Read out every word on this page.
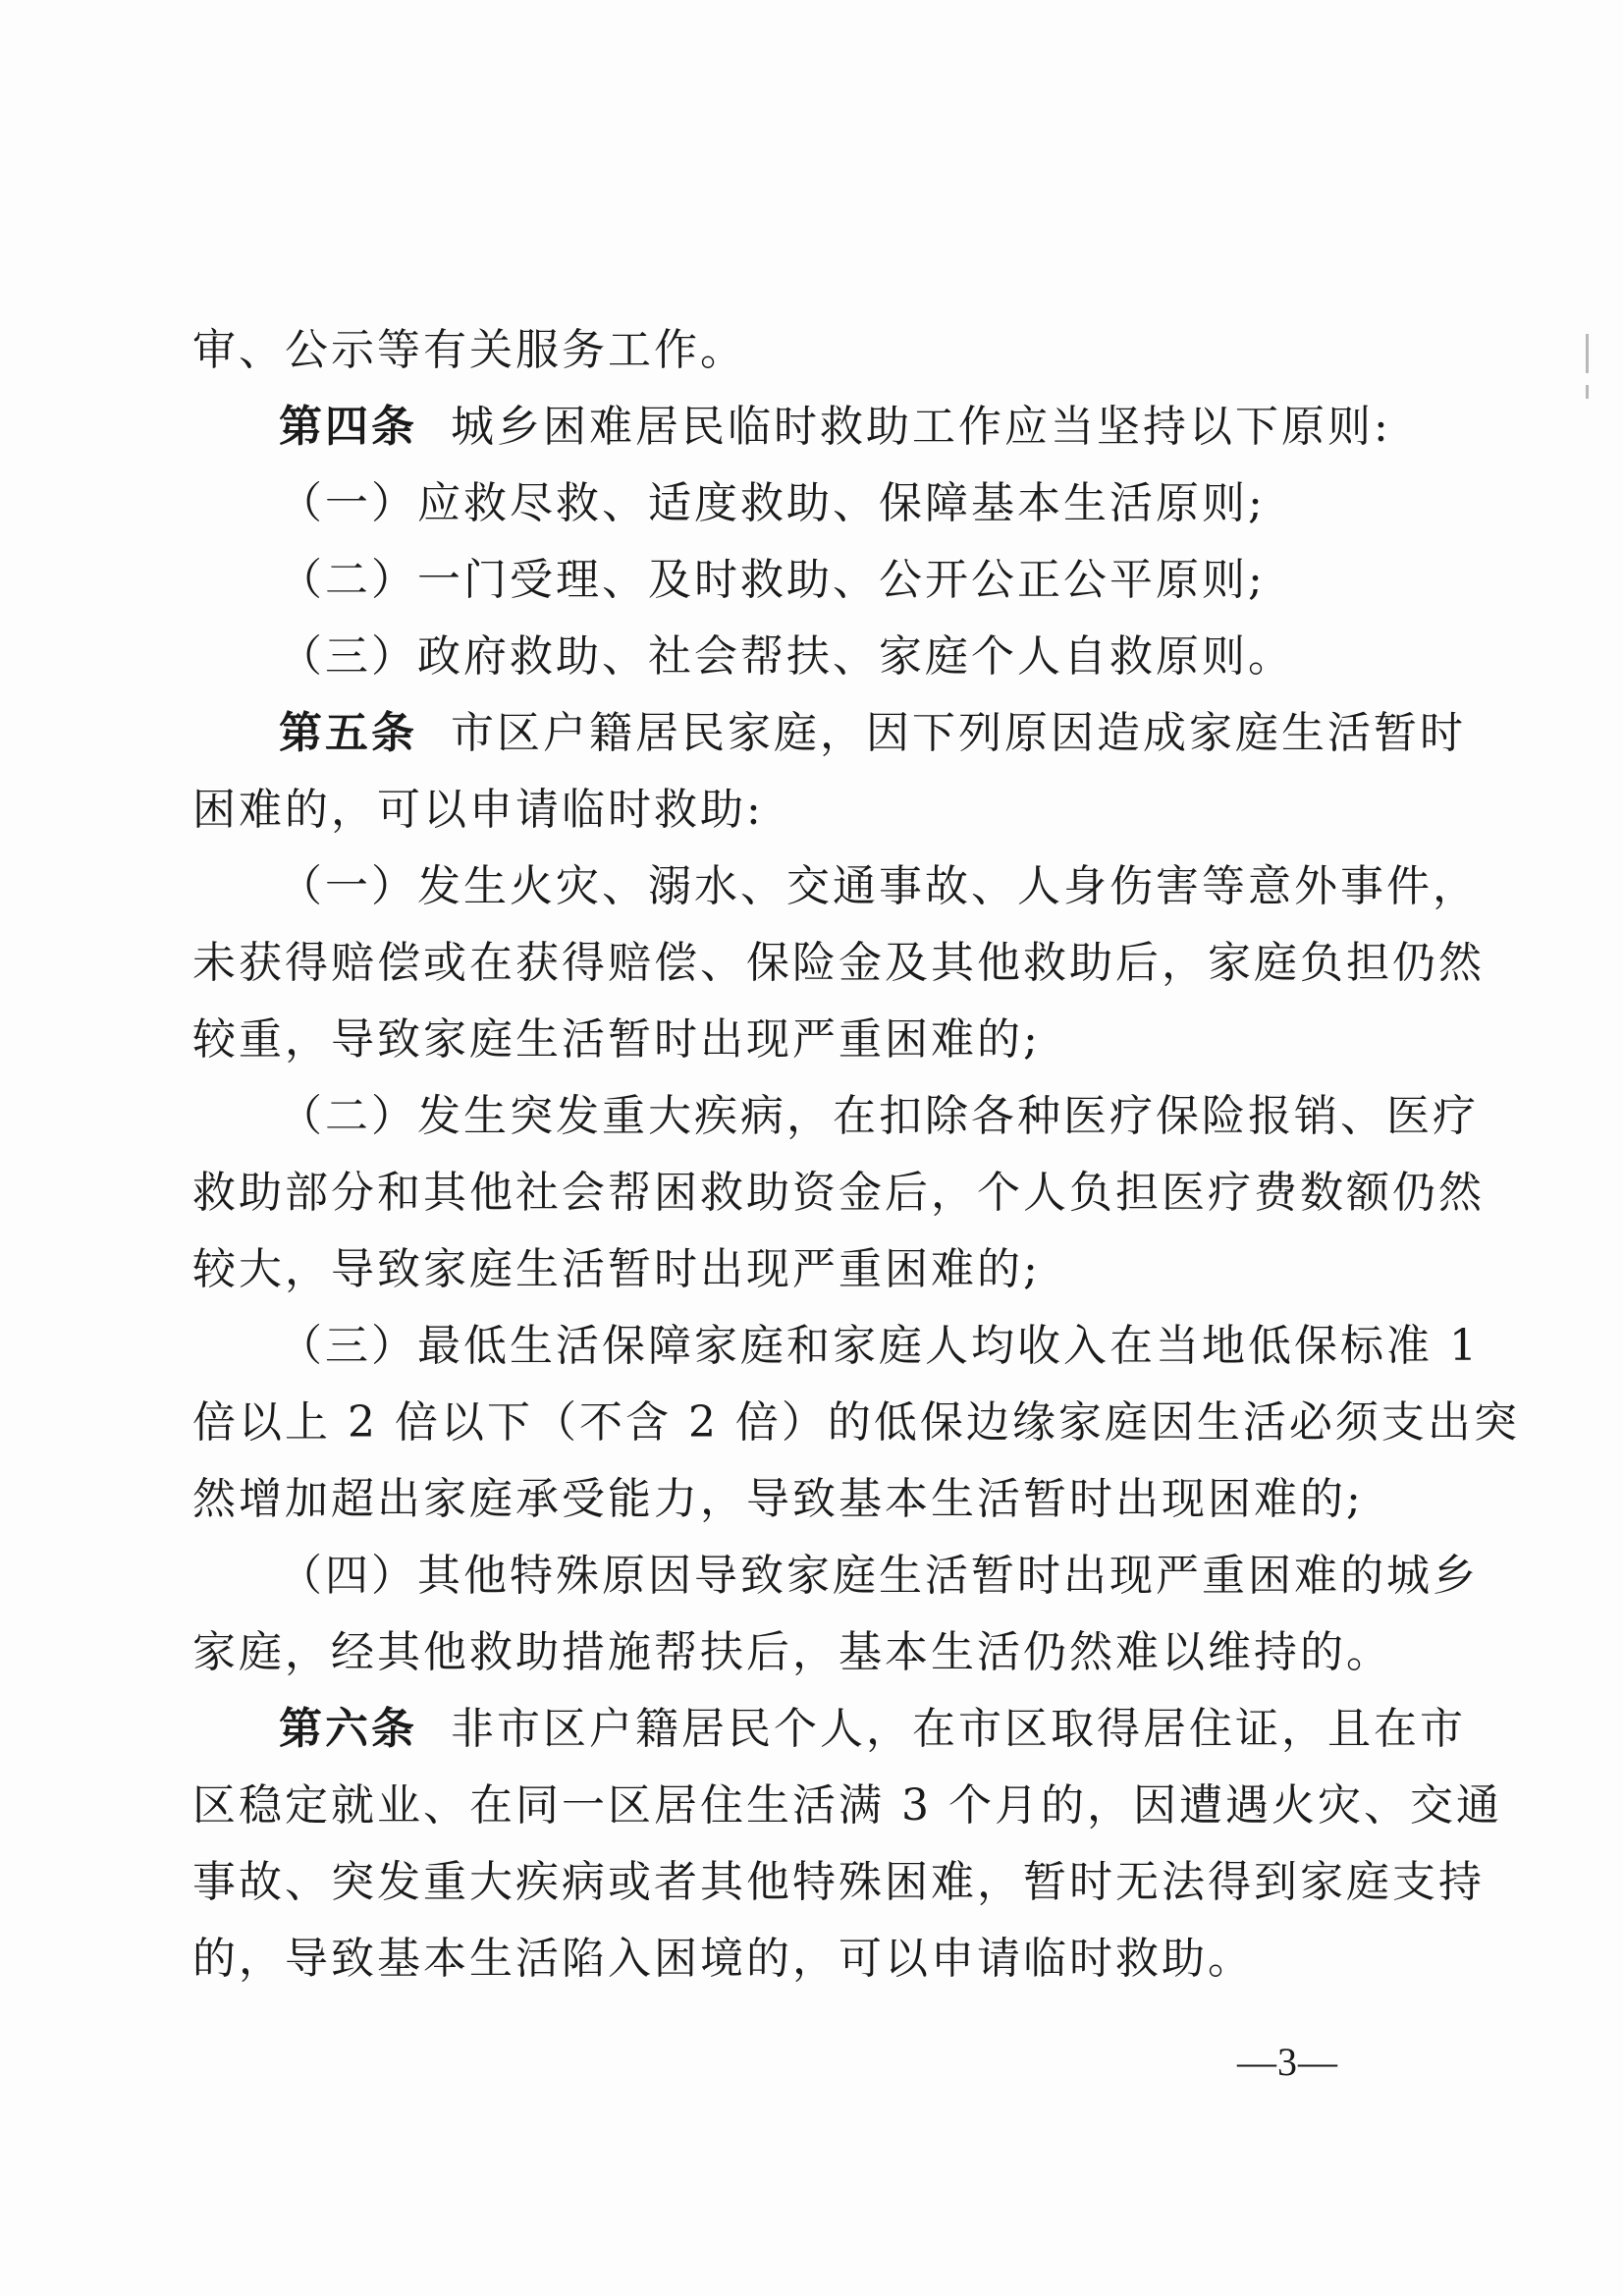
审、公示等有关服务工作。
第四条 城乡困难居民临时救助工作应当坚持以下原则:
（一）应救尽救、适度救助、保障基本生活原则;
（二）一门受理、及时救助、公开公正公平原则;
（三）政府救助、社会帮扶、家庭个人自救原则。
第五条 市区户籍居民家庭，因下列原因造成家庭生活暂时
困难的，可以申请临时救助:
（一）发生火灾、溺水、交通事故、人身伤害等意外事件，
未获得赔偿或在获得赔偿、保险金及其他救助后，家庭负担仍然
较重，导致家庭生活暂时出现严重困难的;
（二）发生突发重大疾病，在扣除各种医疗保险报销、医疗
救助部分和其他社会帮困救助资金后，个人负担医疗费数额仍然
较大，导致家庭生活暂时出现严重困难的;
（三）最低生活保障家庭和家庭人均收入在当地低保标准 1
倍以上 2 倍以下（不含 2 倍）的低保边缘家庭因生活必须支出突
然增加超出家庭承受能力，导致基本生活暂时出现困难的;
（四）其他特殊原因导致家庭生活暂时出现严重困难的城乡
家庭，经其他救助措施帮扶后，基本生活仍然难以维持的。
第六条 非市区户籍居民个人，在市区取得居住证，且在市
区稳定就业、在同一区居住生活满 3 个月的，因遭遇火灾、交通
事故、突发重大疾病或者其他特殊困难，暂时无法得到家庭支持
的，导致基本生活陷入困境的，可以申请临时救助。
—3—
